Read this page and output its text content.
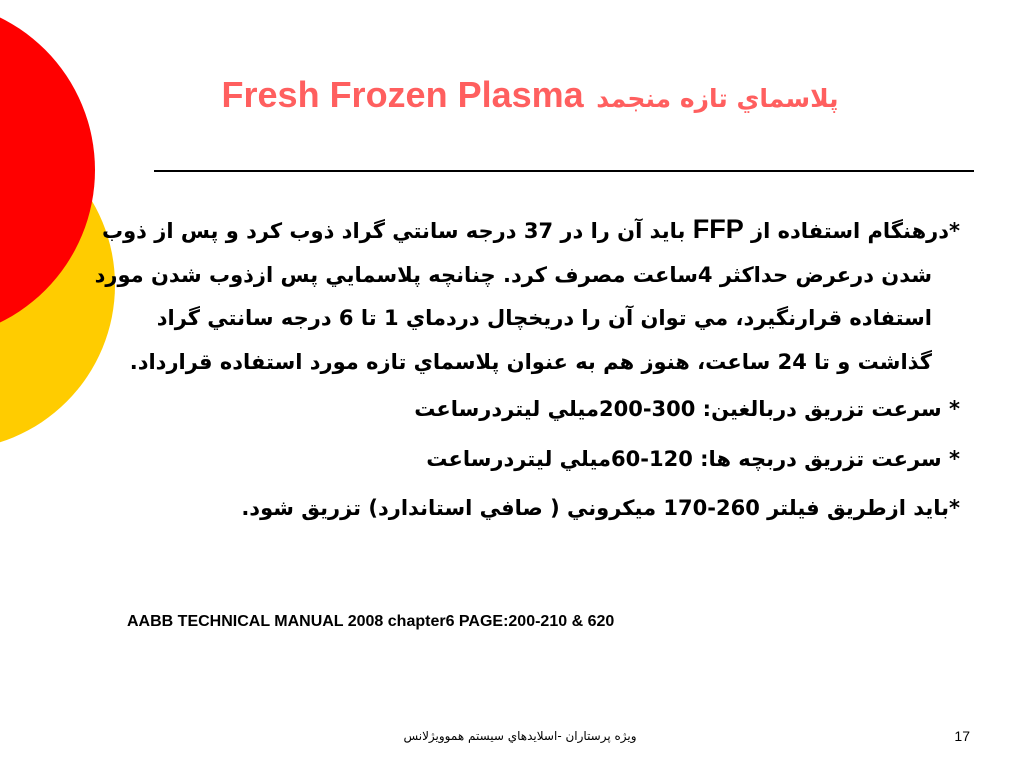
Fresh Frozen Plasma پلاسماي تازه منجمد

*درهنگام استفاده از FFP بايد آن را در 37 درجه سانتي گراد ذوب كرد و پس از ذوب شدن درعرض حداكثر 4ساعت مصرف كرد. چنانچه پلاسمايي پس ازذوب شدن مورد استفاده قرارنگيرد، مي توان آن را دريخچال دردماي 1 تا 6 درجه سانتي گراد گذاشت و تا 24 ساعت، هنوز هم به عنوان پلاسماي تازه مورد استفاده قرارداد.

* سرعت تزريق دربالغين: 300-200ميلي ليتردرساعت

* سرعت تزريق دربچه ها: 120-60ميلي ليتردرساعت

*بايد ازطريق فيلتر 260-170 ميكروني ( صافي استاندارد) تزريق شود.

AABB TECHNICAL MANUAL 2008 chapter6 PAGE:200-210 & 620
ويژه پرستاران -اسلايدهاي سيستم هموويژلانس	17
